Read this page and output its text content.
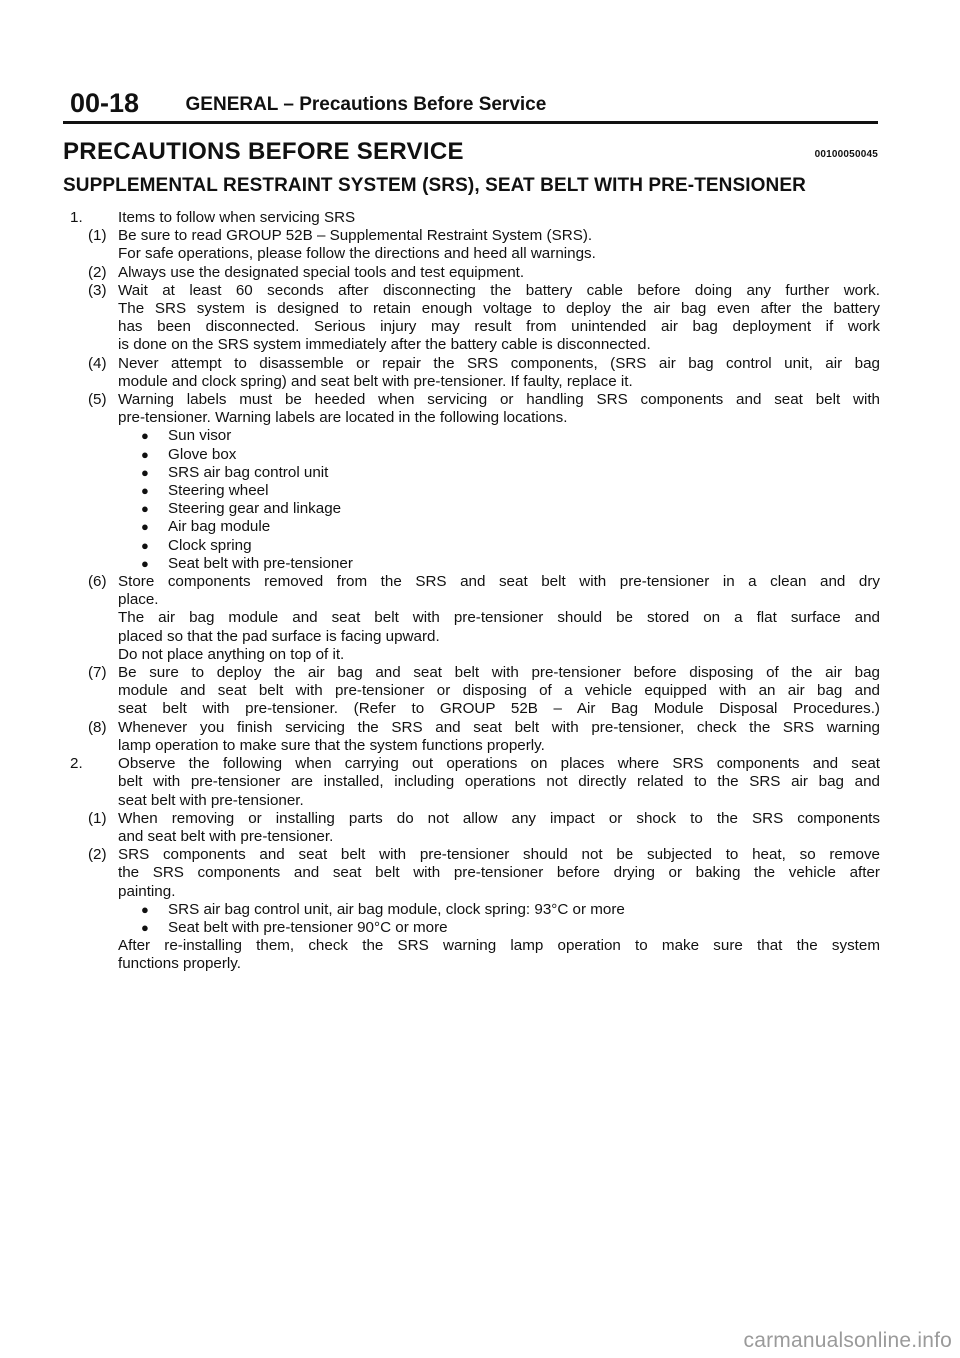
00-18 GENERAL – Precautions Before Service
PRECAUTIONS BEFORE SERVICE	00100050045
SUPPLEMENTAL RESTRAINT SYSTEM (SRS), SEAT BELT WITH PRE-TENSIONER
1. Items to follow when servicing SRS
(1) Be sure to read GROUP 52B – Supplemental Restraint System (SRS).
For safe operations, please follow the directions and heed all warnings.
(2) Always use the designated special tools and test equipment.
(3) Wait at least 60 seconds after disconnecting the battery cable before doing any further work.
The SRS system is designed to retain enough voltage to deploy the air bag even after the battery
has been disconnected. Serious injury may result from unintended air bag deployment if work
is done on the SRS system immediately after the battery cable is disconnected.
(4) Never attempt to disassemble or repair the SRS components, (SRS air bag control unit, air bag
module and clock spring) and seat belt with pre-tensioner. If faulty, replace it.
(5) Warning labels must be heeded when servicing or handling SRS components and seat belt with
pre-tensioner. Warning labels are located in the following locations.
● Sun visor
● Glove box
● SRS air bag control unit
● Steering wheel
● Steering gear and linkage
● Air bag module
● Clock spring
● Seat belt with pre-tensioner
(6) Store components removed from the SRS and seat belt with pre-tensioner in a clean and dry
place.
The air bag module and seat belt with pre-tensioner should be stored on a flat surface and
placed so that the pad surface is facing upward.
Do not place anything on top of it.
(7) Be sure to deploy the air bag and seat belt with pre-tensioner before disposing of the air bag
module and seat belt with pre-tensioner or disposing of a vehicle equipped with an air bag and
seat belt with pre-tensioner. (Refer to GROUP 52B – Air Bag Module Disposal Procedures.)
(8) Whenever you finish servicing the SRS and seat belt with pre-tensioner, check the SRS warning
lamp operation to make sure that the system functions properly.
2. Observe the following when carrying out operations on places where SRS components and seat
belt with pre-tensioner are installed, including operations not directly related to the SRS air bag and
seat belt with pre-tensioner.
(1) When removing or installing parts do not allow any impact or shock to the SRS components
and seat belt with pre-tensioner.
(2) SRS components and seat belt with pre-tensioner should not be subjected to heat, so remove
the SRS components and seat belt with pre-tensioner before drying or baking the vehicle after
painting.
● SRS air bag control unit, air bag module, clock spring: 93°C or more
● Seat belt with pre-tensioner 90°C or more
After re-installing them, check the SRS warning lamp operation to make sure that the system
functions properly.
carmanualsonline.info
